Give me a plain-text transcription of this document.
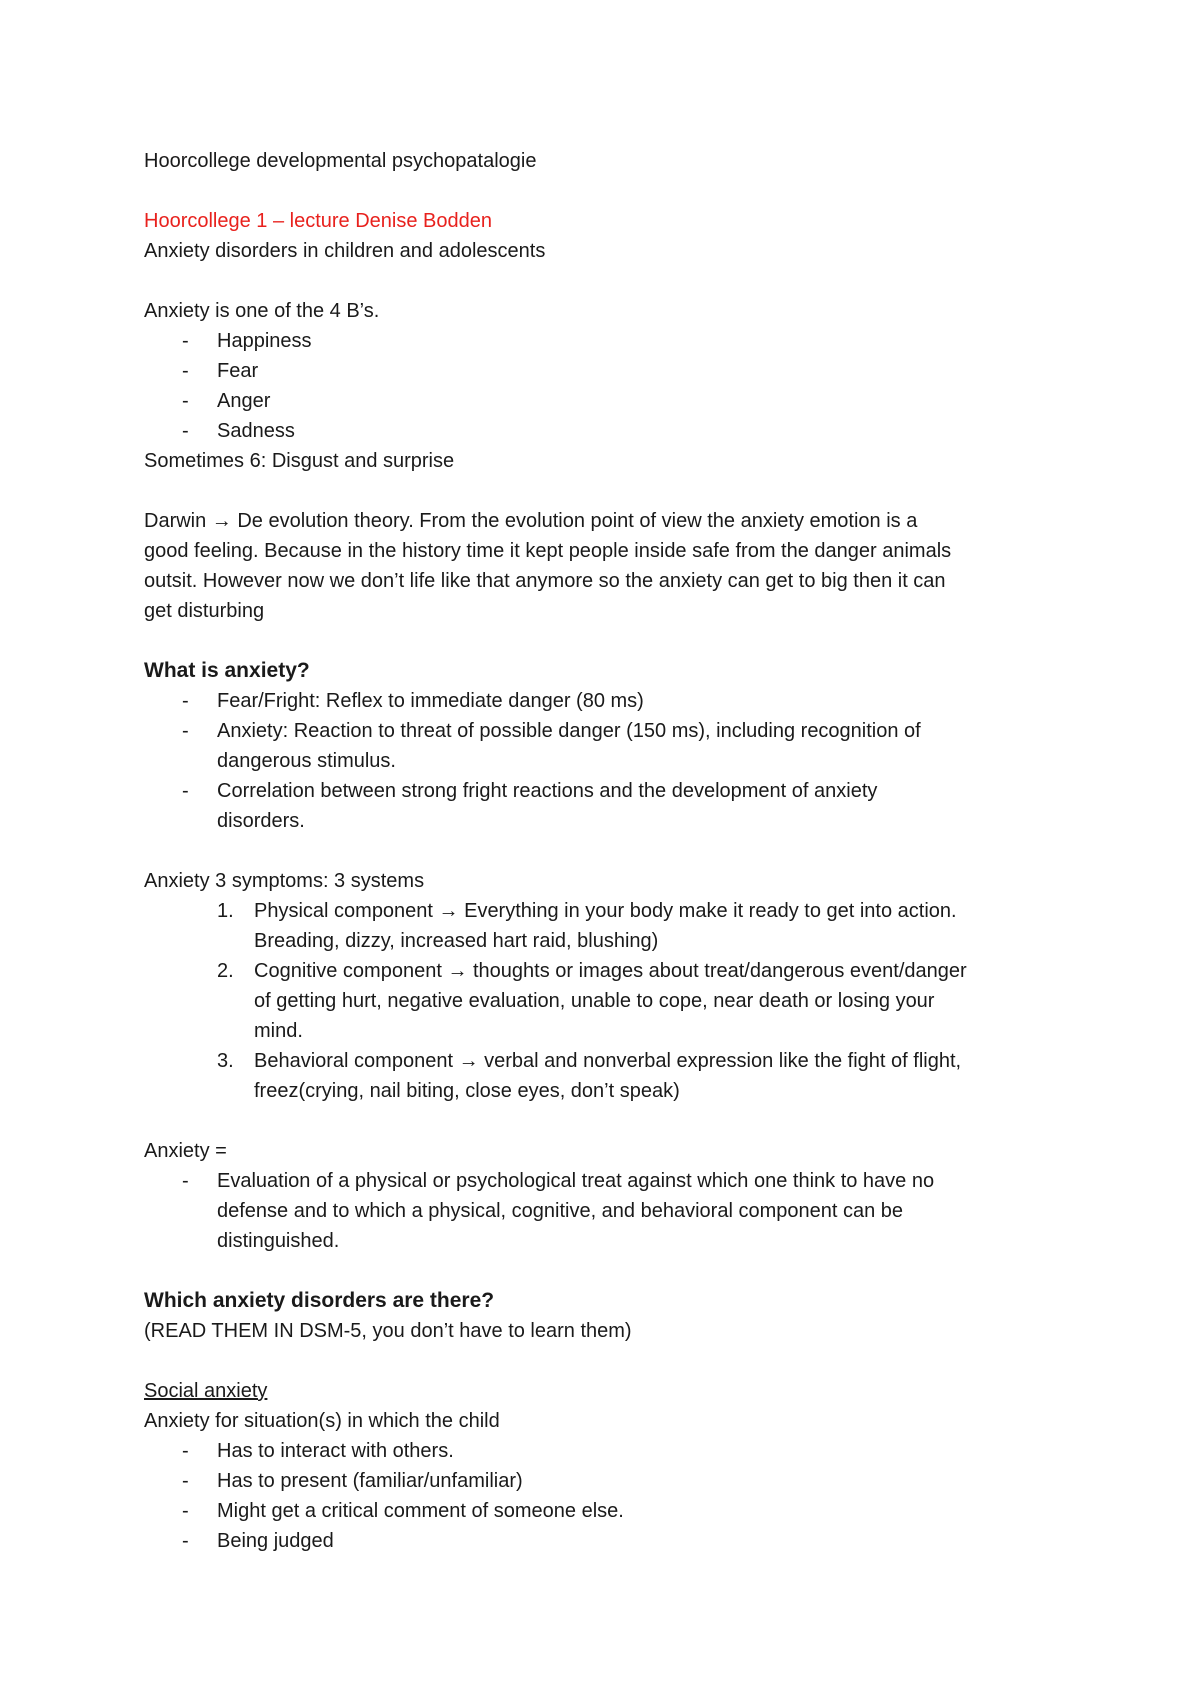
Hoorcollege developmental psychopatalogie
Hoorcollege 1 – lecture Denise Bodden
Anxiety disorders in children and adolescents
Anxiety is one of the 4 B’s.
- Happiness
- Fear
- Anger
- Sadness
Sometimes 6: Disgust and surprise
Darwin → De evolution theory. From the evolution point of view the anxiety emotion is a
good feeling. Because in the history time it kept people inside safe from the danger animals
outsit. However now we don’t life like that anymore so the anxiety can get to big then it can
get disturbing
What is anxiety?
- Fear/Fright: Reflex to immediate danger (80 ms)
- Anxiety: Reaction to threat of possible danger (150 ms), including recognition of
dangerous stimulus.
- Correlation between strong fright reactions and the development of anxiety
disorders.
Anxiety 3 symptoms: 3 systems
1. Physical component → Everything in your body make it ready to get into action.
Breading, dizzy, increased hart raid, blushing)
2. Cognitive component → thoughts or images about treat/dangerous event/danger
of getting hurt, negative evaluation, unable to cope, near death or losing your
mind.
3. Behavioral component → verbal and nonverbal expression like the fight of flight,
freez(crying, nail biting, close eyes, don’t speak)
Anxiety =
- Evaluation of a physical or psychological treat against which one think to have no
defense and to which a physical, cognitive, and behavioral component can be
distinguished.
Which anxiety disorders are there?
(READ THEM IN DSM-5, you don’t have to learn them)
Social anxiety
Anxiety for situation(s) in which the child
- Has to interact with others.
- Has to present (familiar/unfamiliar)
- Might get a critical comment of someone else.
- Being judged
